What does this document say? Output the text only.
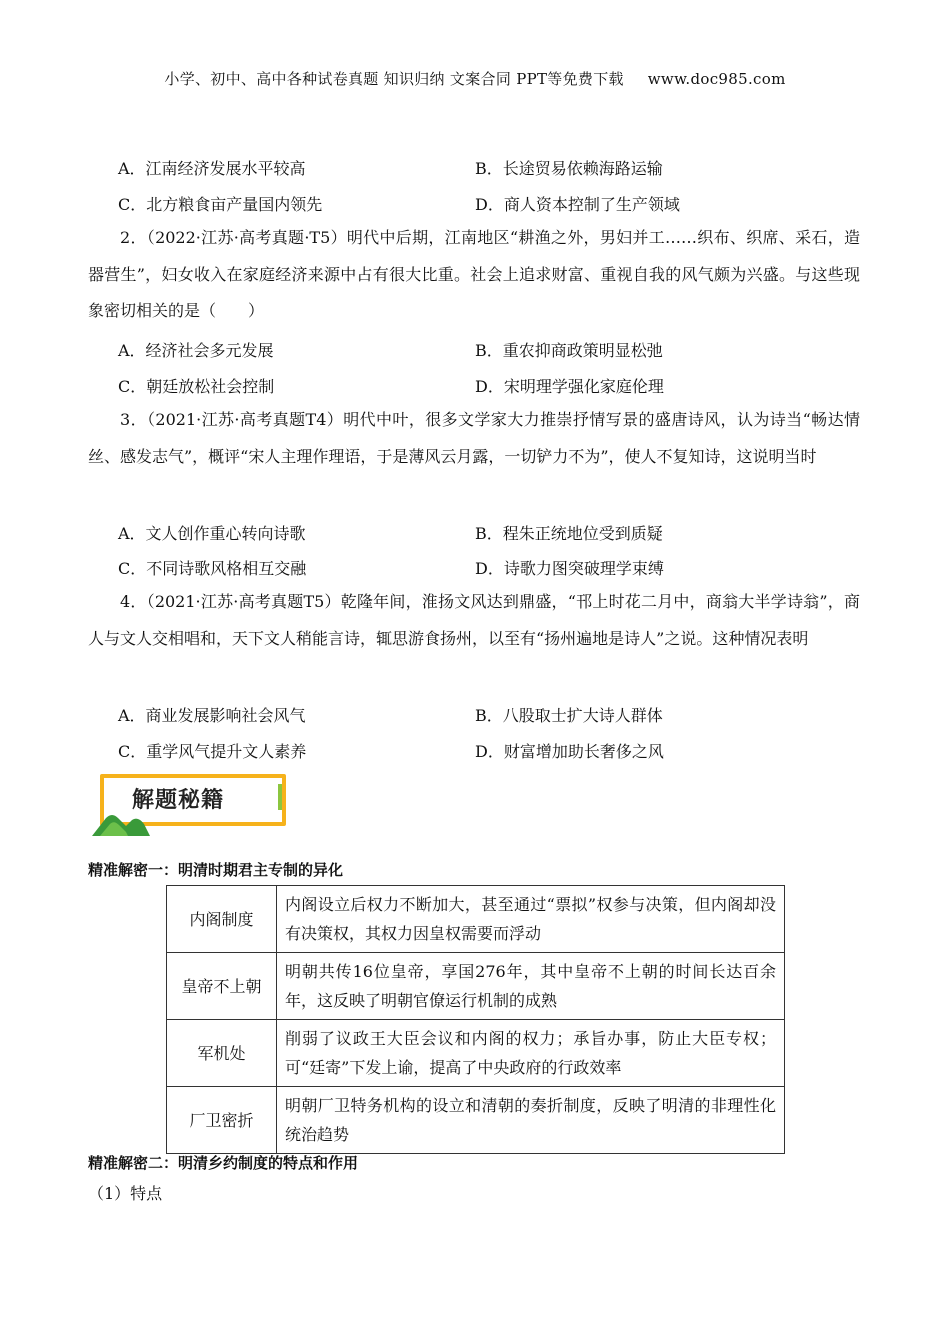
小学、初中、高中各种试卷真题 知识归纳 文案合同 PPT等免费下载 www.doc985.com
A．江南经济发展水平较高	B．长途贸易依赖海路运输
C．北方粮食亩产量国内领先	D．商人资本控制了生产领域
2．（2022·江苏·高考真题·T5）明代中后期，江南地区“耕渔之外，男妇并工……织布、织席、采石，造器营生”，妇女收入在家庭经济来源中占有很大比重。社会上追求财富、重视自我的风气颇为兴盛。与这些现象密切相关的是（　　）
A．经济社会多元发展	B．重农抑商政策明显松弛
C．朝廷放松社会控制	D．宋明理学强化家庭伦理
3．（2021·江苏·高考真题T4）明代中叶，很多文学家大力推崇抒情写景的盛唐诗风，认为诗当“畅达情丝、感发志气”，概评“宋人主理作理语，于是薄风云月露，一切铲力不为”，使人不复知诗，这说明当时
A．文人创作重心转向诗歌	B．程朱正统地位受到质疑
C．不同诗歌风格相互交融	D．诗歌力图突破理学束缚
4．（2021·江苏·高考真题T5）乾隆年间，淮扬文风达到鼎盛，“邗上时花二月中，商翁大半学诗翁”，商人与文人交相唱和，天下文人稍能言诗，辄思游食扬州，以至有“扬州遍地是诗人”之说。这种情况表明
A．商业发展影响社会风气	B．八股取士扩大诗人群体
C．重学风气提升文人素养	D．财富增加助长奢侈之风
解题秘籍
精准解密一：明清时期君主专制的异化
内阁制度	内阁设立后权力不断加大，甚至通过“票拟”权参与决策，但内阁却没有决策权，其权力因皇权需要而浮动
皇帝不上朝	明朝共传16位皇帝，享国276年，其中皇帝不上朝的时间长达百余年，这反映了明朝官僚运行机制的成熟
军机处	削弱了议政王大臣会议和内阁的权力；承旨办事，防止大臣专权；可“廷寄”下发上谕，提高了中央政府的行政效率
厂卫密折	明朝厂卫特务机构的设立和清朝的奏折制度，反映了明清的非理性化统治趋势
精准解密二：明清乡约制度的特点和作用
（1）特点
